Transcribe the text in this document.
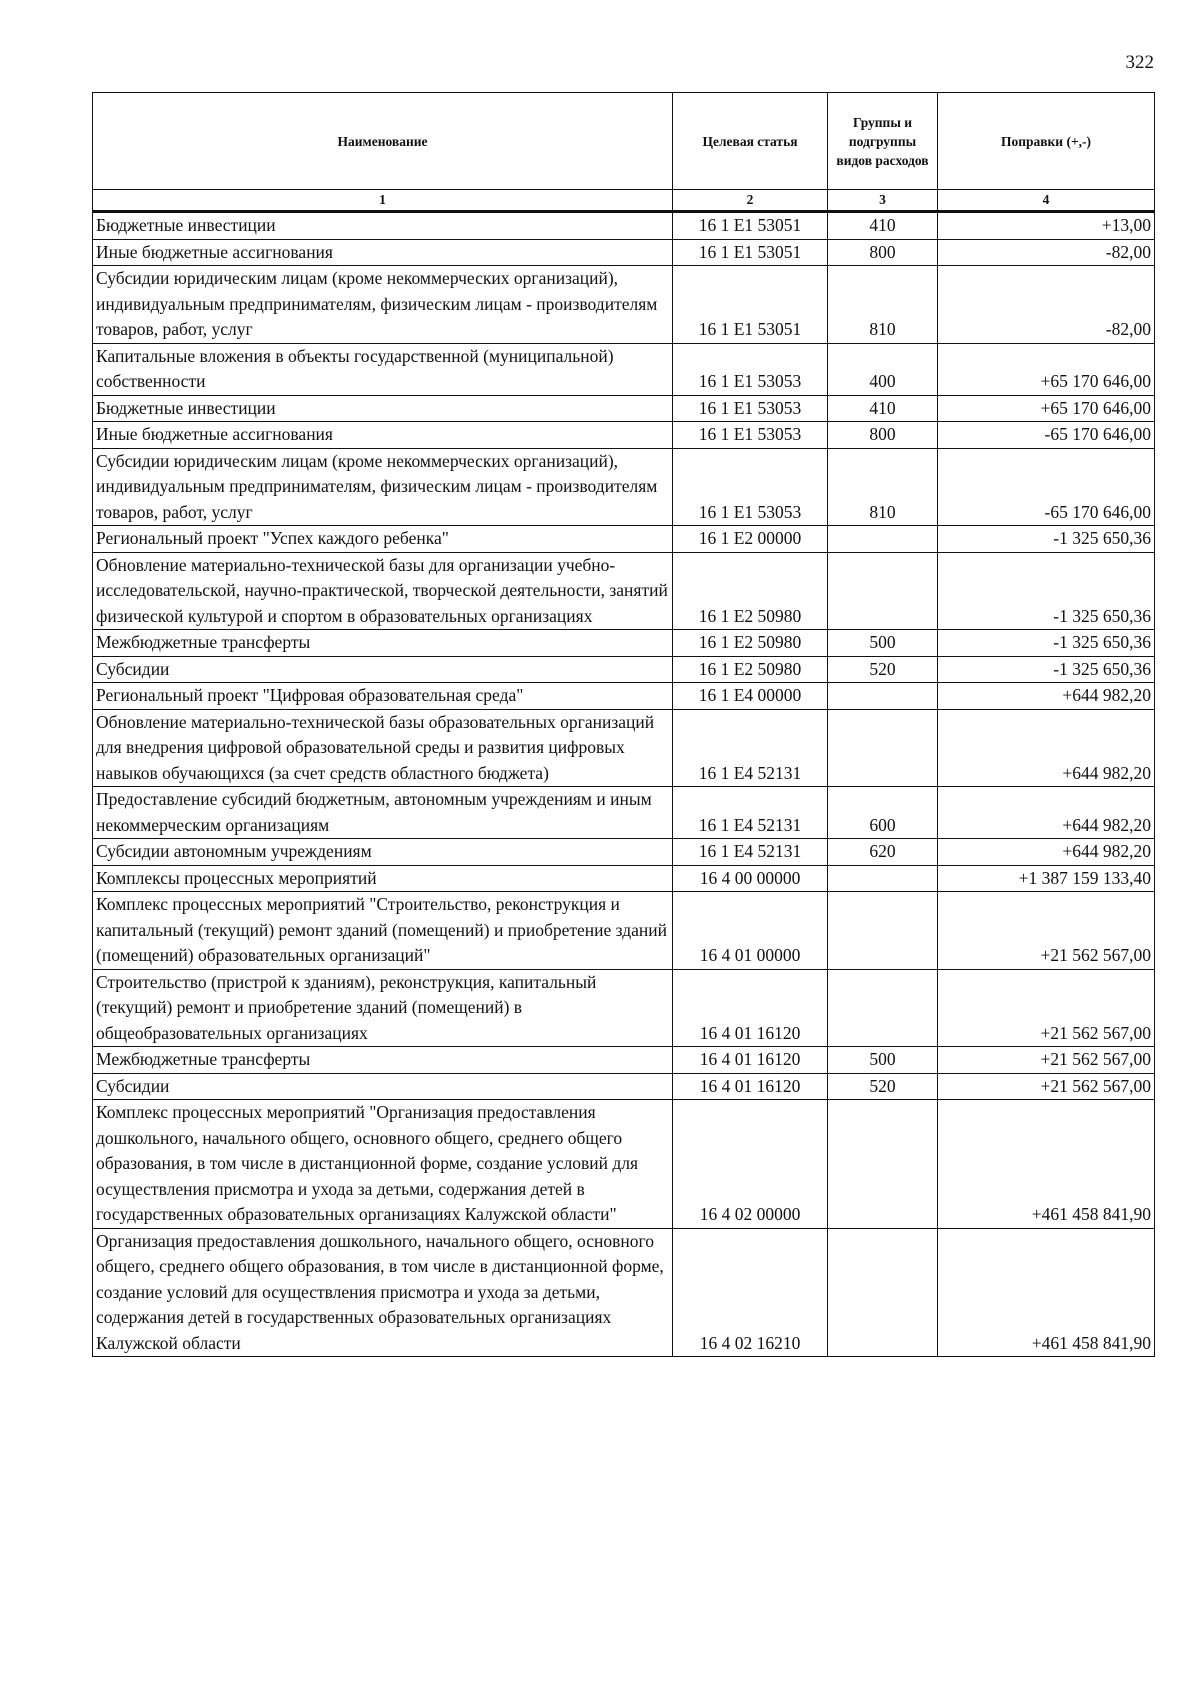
322
Наименование	Целевая статья	Группы и подгруппы видов расходов	Поправки (+,-)
1	2	3	4
Бюджетные инвестиции	16 1 E1 53051	410	+13,00
Иные бюджетные ассигнования	16 1 E1 53051	800	-82,00
Субсидии юридическим лицам (кроме некоммерческих организаций), индивидуальным предпринимателям, физическим лицам - производителям товаров, работ, услуг	16 1 E1 53051	810	-82,00
Капитальные вложения в объекты государственной (муниципальной) собственности	16 1 E1 53053	400	+65 170 646,00
Бюджетные инвестиции	16 1 E1 53053	410	+65 170 646,00
Иные бюджетные ассигнования	16 1 E1 53053	800	-65 170 646,00
Субсидии юридическим лицам (кроме некоммерческих организаций), индивидуальным предпринимателям, физическим лицам - производителям товаров, работ, услуг	16 1 E1 53053	810	-65 170 646,00
Региональный проект "Успех каждого ребенка"	16 1 E2 00000		-1 325 650,36
Обновление материально-технической базы для организации учебно-исследовательской, научно-практической, творческой деятельности, занятий физической культурой и спортом в образовательных организациях	16 1 E2 50980		-1 325 650,36
Межбюджетные трансферты	16 1 E2 50980	500	-1 325 650,36
Субсидии	16 1 E2 50980	520	-1 325 650,36
Региональный проект "Цифровая образовательная среда"	16 1 E4 00000		+644 982,20
Обновление материально-технической базы образовательных организаций для внедрения цифровой образовательной среды и развития цифровых навыков обучающихся (за счет средств областного бюджета)	16 1 E4 52131		+644 982,20
Предоставление субсидий бюджетным, автономным учреждениям и иным некоммерческим организациям	16 1 E4 52131	600	+644 982,20
Субсидии автономным учреждениям	16 1 E4 52131	620	+644 982,20
Комплексы процессных мероприятий	16 4 00 00000		+1 387 159 133,40
Комплекс процессных мероприятий "Строительство, реконструкция и капитальный (текущий) ремонт зданий (помещений) и приобретение зданий (помещений) образовательных организаций"	16 4 01 00000		+21 562 567,00
Строительство (пристрой к зданиям), реконструкция, капитальный (текущий) ремонт и приобретение зданий (помещений) в общеобразовательных организациях	16 4 01 16120		+21 562 567,00
Межбюджетные трансферты	16 4 01 16120	500	+21 562 567,00
Субсидии	16 4 01 16120	520	+21 562 567,00
Комплекс процессных мероприятий "Организация предоставления дошкольного, начального общего, основного общего, среднего общего образования, в том числе в дистанционной форме, создание условий для осуществления присмотра и ухода за детьми, содержания детей в государственных образовательных организациях Калужской области"	16 4 02 00000		+461 458 841,90
Организация предоставления дошкольного, начального общего, основного общего, среднего общего образования, в том числе в дистанционной форме, создание условий для осуществления присмотра и ухода за детьми, содержания детей в государственных образовательных организациях Калужской области	16 4 02 16210		+461 458 841,90
